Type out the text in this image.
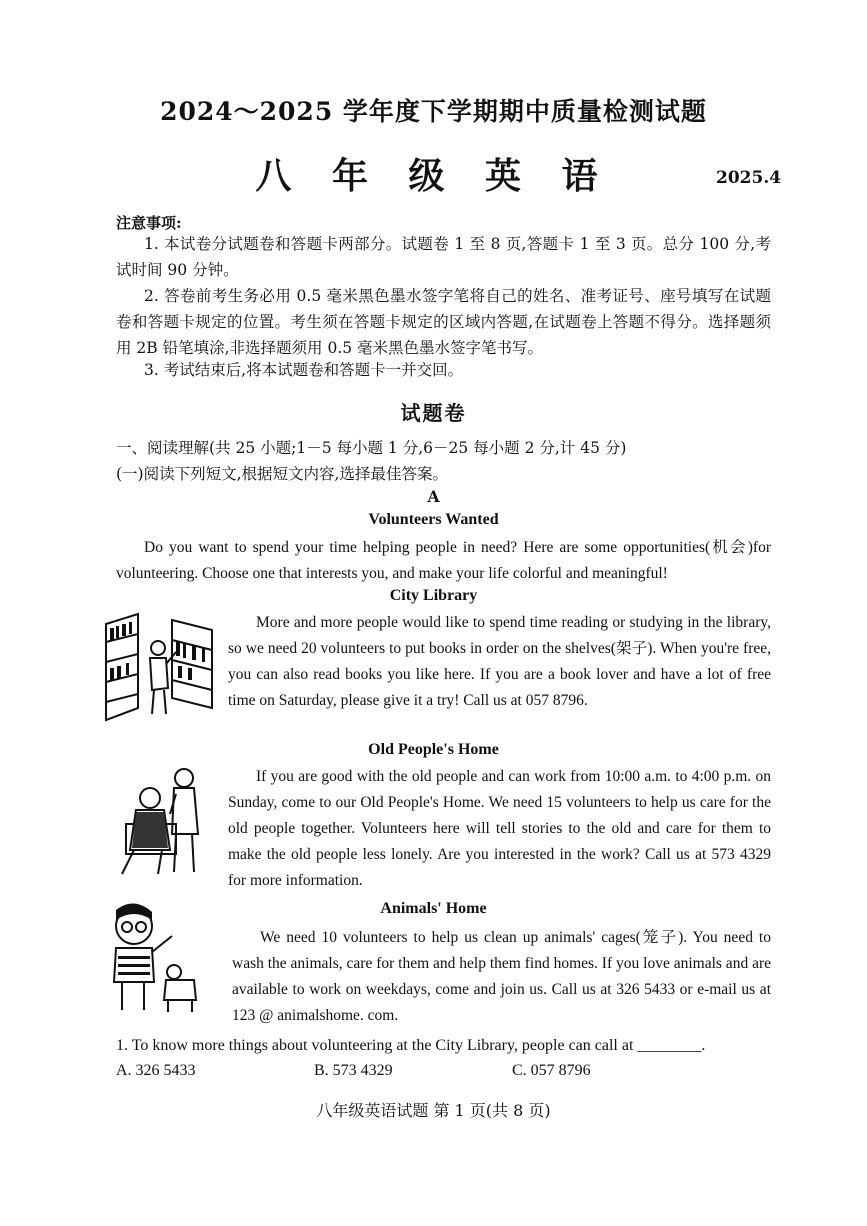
2024～2025 学年度下学期期中质量检测试题
八 年 级 英 语	2025.4
注意事项:
1. 本试卷分试题卷和答题卡两部分。试题卷 1 至 8 页,答题卡 1 至 3 页。总分 100 分,考试时间 90 分钟。
2. 答卷前考生务必用 0.5 毫米黑色墨水签字笔将自己的姓名、准考证号、座号填写在试题卷和答题卡规定的位置。考生须在答题卡规定的区域内答题,在试题卷上答题不得分。选择题须用 2B 铅笔填涂,非选择题须用 0.5 毫米黑色墨水签字笔书写。
3. 考试结束后,将本试题卷和答题卡一并交回。
试题卷
一、阅读理解(共 25 小题;1－5 每小题 1 分,6－25 每小题 2 分,计 45 分)
(一)阅读下列短文,根据短文内容,选择最佳答案。
A
Volunteers Wanted
Do you want to spend your time helping people in need? Here are some opportunities(机会)for volunteering. Choose one that interests you, and make your life colorful and meaningful!
City Library
More and more people would like to spend time reading or studying in the library, so we need 20 volunteers to put books in order on the shelves(架子). When you're free, you can also read books you like here. If you are a book lover and have a lot of free time on Saturday, please give it a try! Call us at 057 8796.
Old People's Home
If you are good with the old people and can work from 10:00 a.m. to 4:00 p.m. on Sunday, come to our Old People's Home. We need 15 volunteers to help us care for the old people together. Volunteers here will tell stories to the old and care for them to make the old people less lonely. Are you interested in the work? Call us at 573 4329 for more information.
Animals' Home
We need 10 volunteers to help us clean up animals' cages(笼子). You need to wash the animals, care for them and help them find homes. If you love animals and are available to work on weekdays, come and join us. Call us at 326 5433 or e-mail us at 123 @ animalshome. com.
1. To know more things about volunteering at the City Library, people can call at ________.
A. 326 5433	B. 573 4329	C. 057 8796
八年级英语试题 第 1 页(共 8 页)
